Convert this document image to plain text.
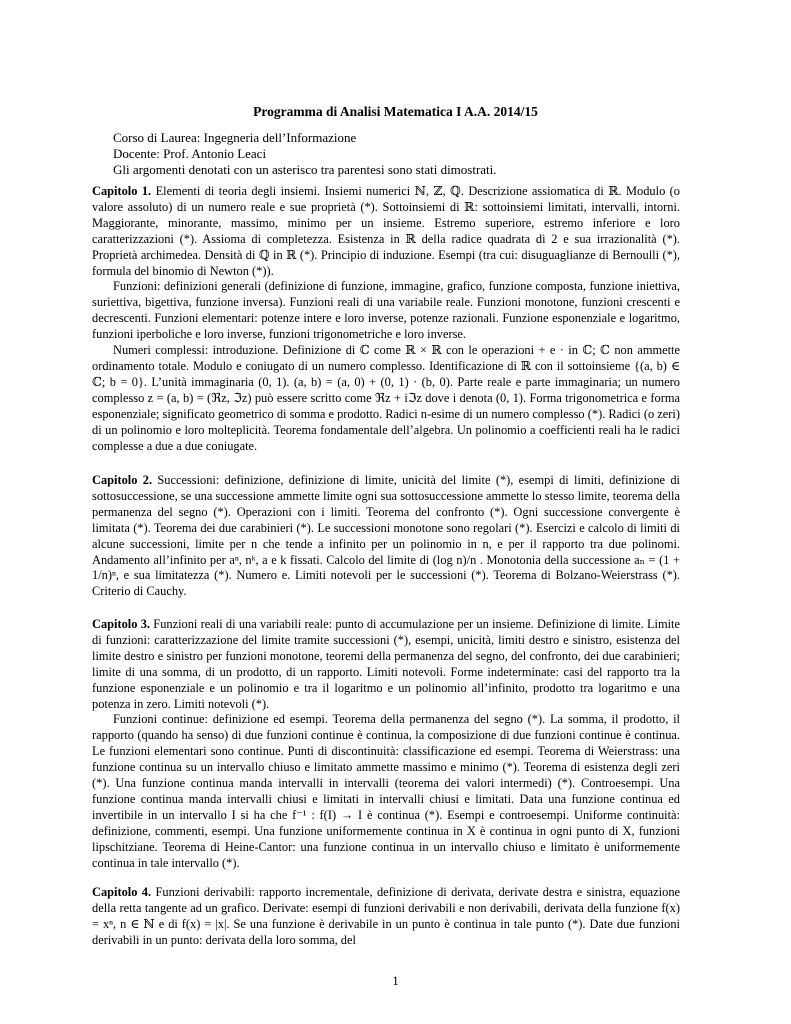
Programma di Analisi Matematica I A.A. 2014/15
Corso di Laurea: Ingegneria dell’Informazione
Docente: Prof. Antonio Leaci
Gli argomenti denotati con un asterisco tra parentesi sono stati dimostrati.
Capitolo 1. Elementi di teoria degli insiemi. Insiemi numerici ℕ, ℤ, ℚ. Descrizione assiomatica di ℝ. Modulo (o valore assoluto) di un numero reale e sue proprietà (*). Sottoinsiemi di ℝ: sottoinsiemi limitati, intervalli, intorni. Maggiorante, minorante, massimo, minimo per un insieme. Estremo superiore, estremo inferiore e loro caratterizzazioni (*). Assioma di completezza. Esistenza in ℝ della radice quadrata di 2 e sua irrazionalità (*). Proprietà archimedea. Densità di ℚ in ℝ (*). Principio di induzione. Esempi (tra cui: disuguaglianze di Bernoulli (*), formula del binomio di Newton (*)).
Funzioni: definizioni generali (definizione di funzione, immagine, grafico, funzione composta, funzione iniettiva, suriettiva, bigettiva, funzione inversa). Funzioni reali di una variabile reale. Funzioni monotone, funzioni crescenti e decrescenti. Funzioni elementari: potenze intere e loro inverse, potenze razionali. Funzione esponenziale e logaritmo, funzioni iperboliche e loro inverse, funzioni trigonometriche e loro inverse.
Numeri complessi: introduzione. Definizione di ℂ come ℝ × ℝ con le operazioni + e · in ℂ; ℂ non ammette ordinamento totale. Modulo e coniugato di un numero complesso. Identificazione di ℝ con il sottoinsieme {(a, b) ∈ ℂ; b = 0}. L’unità immaginaria (0, 1). (a, b) = (a, 0) + (0, 1) · (b, 0). Parte reale e parte immaginaria; un numero complesso z = (a, b) = (ℜz, ℑz) può essere scritto come ℜz + iℑz dove i denota (0, 1). Forma trigonometrica e forma esponenziale; significato geometrico di somma e prodotto. Radici n-esime di un numero complesso (*). Radici (o zeri) di un polinomio e loro molteplicità. Teorema fondamentale dell’algebra. Un polinomio a coefficienti reali ha le radici complesse a due a due coniugate.
Capitolo 2. Successioni: definizione, definizione di limite, unicità del limite (*), esempi di limiti, definizione di sottosuccessione, se una successione ammette limite ogni sua sottosuccessione ammette lo stesso limite, teorema della permanenza del segno (*). Operazioni con i limiti. Teorema del confronto (*). Ogni successione convergente è limitata (*). Teorema dei due carabinieri (*). Le successioni monotone sono regolari (*). Esercizi e calcolo di limiti di alcune successioni, limite per n che tende a infinito per un polinomio in n, e per il rapporto tra due polinomi. Andamento all’infinito per aⁿ, nᵏ, a e k fissati. Calcolo del limite di (log n)/n . Monotonia della successione aₙ = (1 + 1/n)ⁿ, e sua limitatezza (*). Numero e. Limiti notevoli per le successioni (*). Teorema di Bolzano-Weierstrass (*). Criterio di Cauchy.
Capitolo 3. Funzioni reali di una variabili reale: punto di accumulazione per un insieme. Definizione di limite. Limite di funzioni: caratterizzazione del limite tramite successioni (*), esempi, unicità, limiti destro e sinistro, esistenza del limite destro e sinistro per funzioni monotone, teoremi della permanenza del segno, del confronto, dei due carabinieri; limite di una somma, di un prodotto, di un rapporto. Limiti notevoli. Forme indeterminate: casi del rapporto tra la funzione esponenziale e un polinomio e tra il logaritmo e un polinomio all’infinito, prodotto tra logaritmo e una potenza in zero. Limiti notevoli (*).
Funzioni continue: definizione ed esempi. Teorema della permanenza del segno (*). La somma, il prodotto, il rapporto (quando ha senso) di due funzioni continue è continua, la composizione di due funzioni continue è continua. Le funzioni elementari sono continue. Punti di discontinuità: classificazione ed esempi. Teorema di Weierstrass: una funzione continua su un intervallo chiuso e limitato ammette massimo e minimo (*). Teorema di esistenza degli zeri (*). Una funzione continua manda intervalli in intervalli (teorema dei valori intermedi) (*). Controesempi. Una funzione continua manda intervalli chiusi e limitati in intervalli chiusi e limitati. Data una funzione continua ed invertibile in un intervallo I si ha che f⁻¹ : f(I) → I è continua (*). Esempi e controesempi. Uniforme continuità: definizione, commenti, esempi. Una funzione uniformemente continua in X è continua in ogni punto di X, funzioni lipschitziane. Teorema di Heine-Cantor: una funzione continua in un intervallo chiuso e limitato è uniformemente continua in tale intervallo (*).
Capitolo 4. Funzioni derivabili: rapporto incrementale, definizione di derivata, derivate destra e sinistra, equazione della retta tangente ad un grafico. Derivate: esempi di funzioni derivabili e non derivabili, derivata della funzione f(x) = xⁿ, n ∈ ℕ e di f(x) = |x|. Se una funzione è derivabile in un punto è continua in tale punto (*). Date due funzioni derivabili in un punto: derivata della loro somma, del
1
